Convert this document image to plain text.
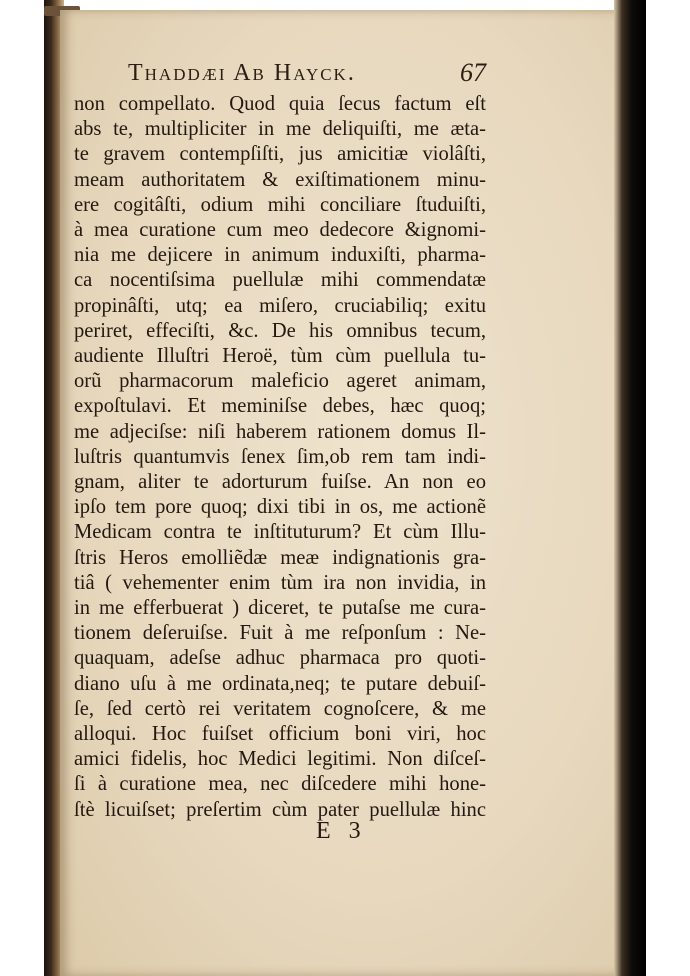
Thaddæi Ab Hayck.	67
non compellato. Quod quia ſecus factum eſt
abs te, multipliciter in me deliquiſti, me æta-
te gravem contempſiſti, jus amicitiæ violâſti,
meam authoritatem & exiſtimationem minu-
ere cogitâſti, odium mihi conciliare ſtuduiſti,
à mea curatione cum meo dedecore &ignomi-
nia me dejicere in animum induxiſti, pharma-
ca nocentiſsima puellulæ mihi commendatæ
propinâſti, utq; ea miſero, cruciabiliq; exitu
periret, effeciſti, &c. De his omnibus tecum,
audiente Illuſtri Heroë, tùm cùm puellula tu-
orũ pharmacorum maleficio ageret animam,
expoſtulavi. Et meminiſse debes, hæc quoq;
me adjeciſse: niſi haberem rationem domus Il-
luſtris quantumvis ſenex ſim,ob rem tam indi-
gnam, aliter te adorturum fuiſse. An non eo
ipſo tem pore quoq; dixi tibi in os, me actionẽ
Medicam contra te inſtituturum? Et cùm Illu-
ſtris Heros emolliẽdæ meæ indignationis gra-
tiâ ( vehementer enim tùm ira non invidia, in
in me efferbuerat ) diceret, te putaſse me cura-
tionem deſeruiſse. Fuit à me reſponſum : Ne-
quaquam, adeſse adhuc pharmaca pro quoti-
diano uſu à me ordinata,neq; te putare debuiſ-
ſe, ſed certò rei veritatem cognoſcere, & me
alloqui. Hoc fuiſset officium boni viri, hoc
amici fidelis, hoc Medici legitimi. Non diſceſ-
ſi à curatione mea, nec diſcedere mihi hone-
ſtè licuiſset; preſertim cùm pater puellulæ hinc
E 3
